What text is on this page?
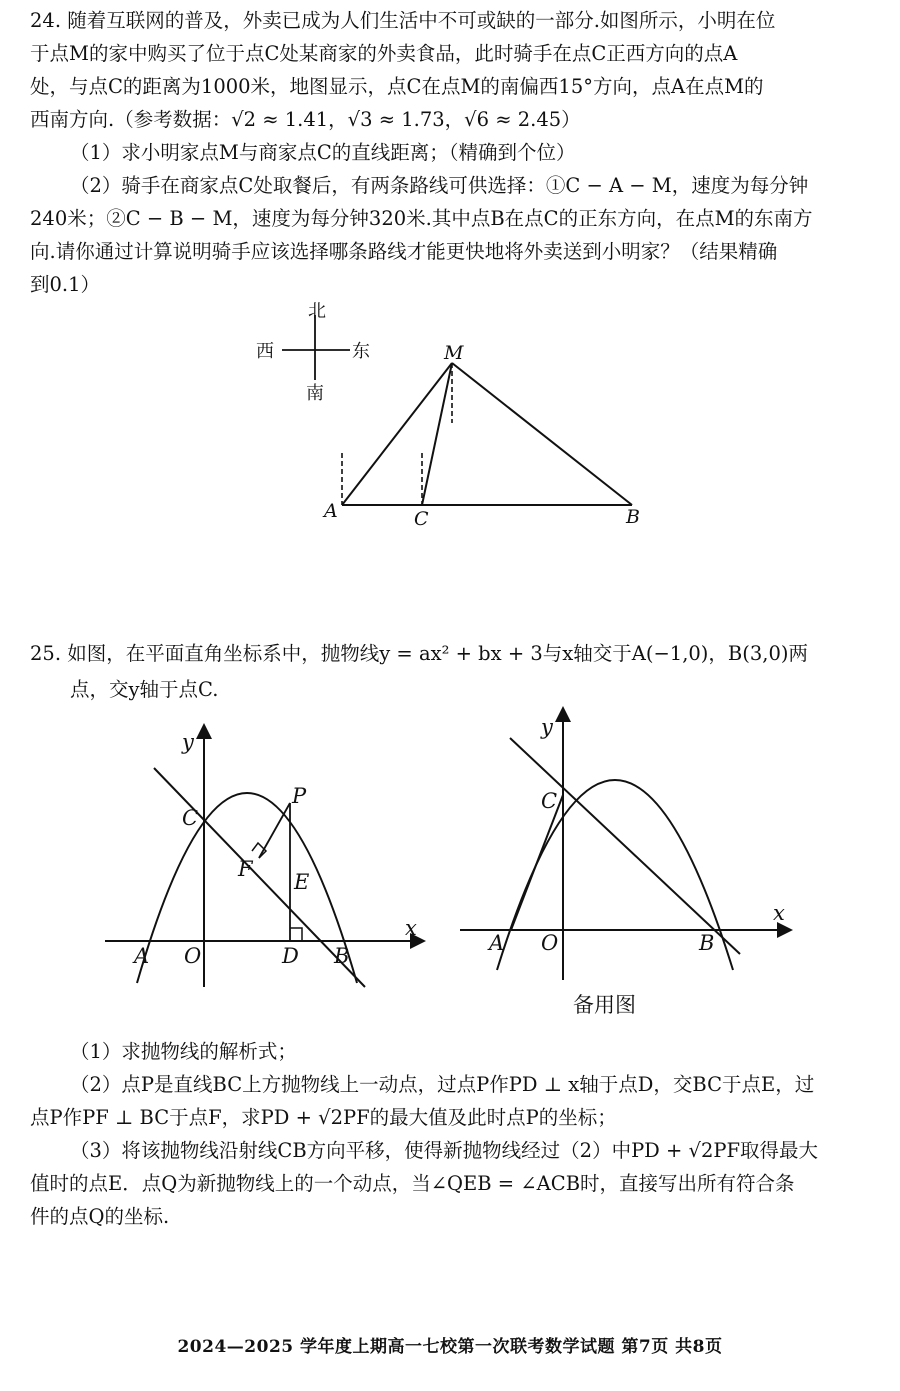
24. 随着互联网的普及，外卖已成为人们生活中不可或缺的一部分.如图所示，小明在位
于点M的家中购买了位于点C处某商家的外卖食品，此时骑手在点C正西方向的点A
处，与点C的距离为1000米，地图显示，点C在点M的南偏西15°方向，点A在点M的
西南方向.（参考数据：√2 ≈ 1.41，√3 ≈ 1.73，√6 ≈ 2.45）
（1）求小明家点M与商家点C的直线距离；（精确到个位）
（2）骑手在商家点C处取餐后，有两条路线可供选择：①C − A − M，速度为每分钟
240米；②C − B − M，速度为每分钟320米.其中点B在点C的正东方向，在点M的东南方
向.请你通过计算说明骑手应该选择哪条路线才能更快地将外卖送到小明家？（结果精确
到0.1）
北
西	东
南
M
A	C	B
25. 如图，在平面直角坐标系中，抛物线y = ax² + bx + 3与x轴交于A(−1,0)，B(3,0)两
点，交y轴于点C.
y
x
C
P
F
E
A O	D B
y
x
C
A O	B
备用图
（1）求抛物线的解析式；
（2）点P是直线BC上方抛物线上一动点，过点P作PD ⊥ x轴于点D，交BC于点E，过
点P作PF ⊥ BC于点F，求PD + √2PF的最大值及此时点P的坐标；
（3）将该抛物线沿射线CB方向平移，使得新抛物线经过（2）中PD + √2PF取得最大
值时的点E．点Q为新抛物线上的一个动点，当∠QEB = ∠ACB时，直接写出所有符合条
件的点Q的坐标.
2024—2025 学年度上期高一七校第一次联考数学试题 第7页 共8页
